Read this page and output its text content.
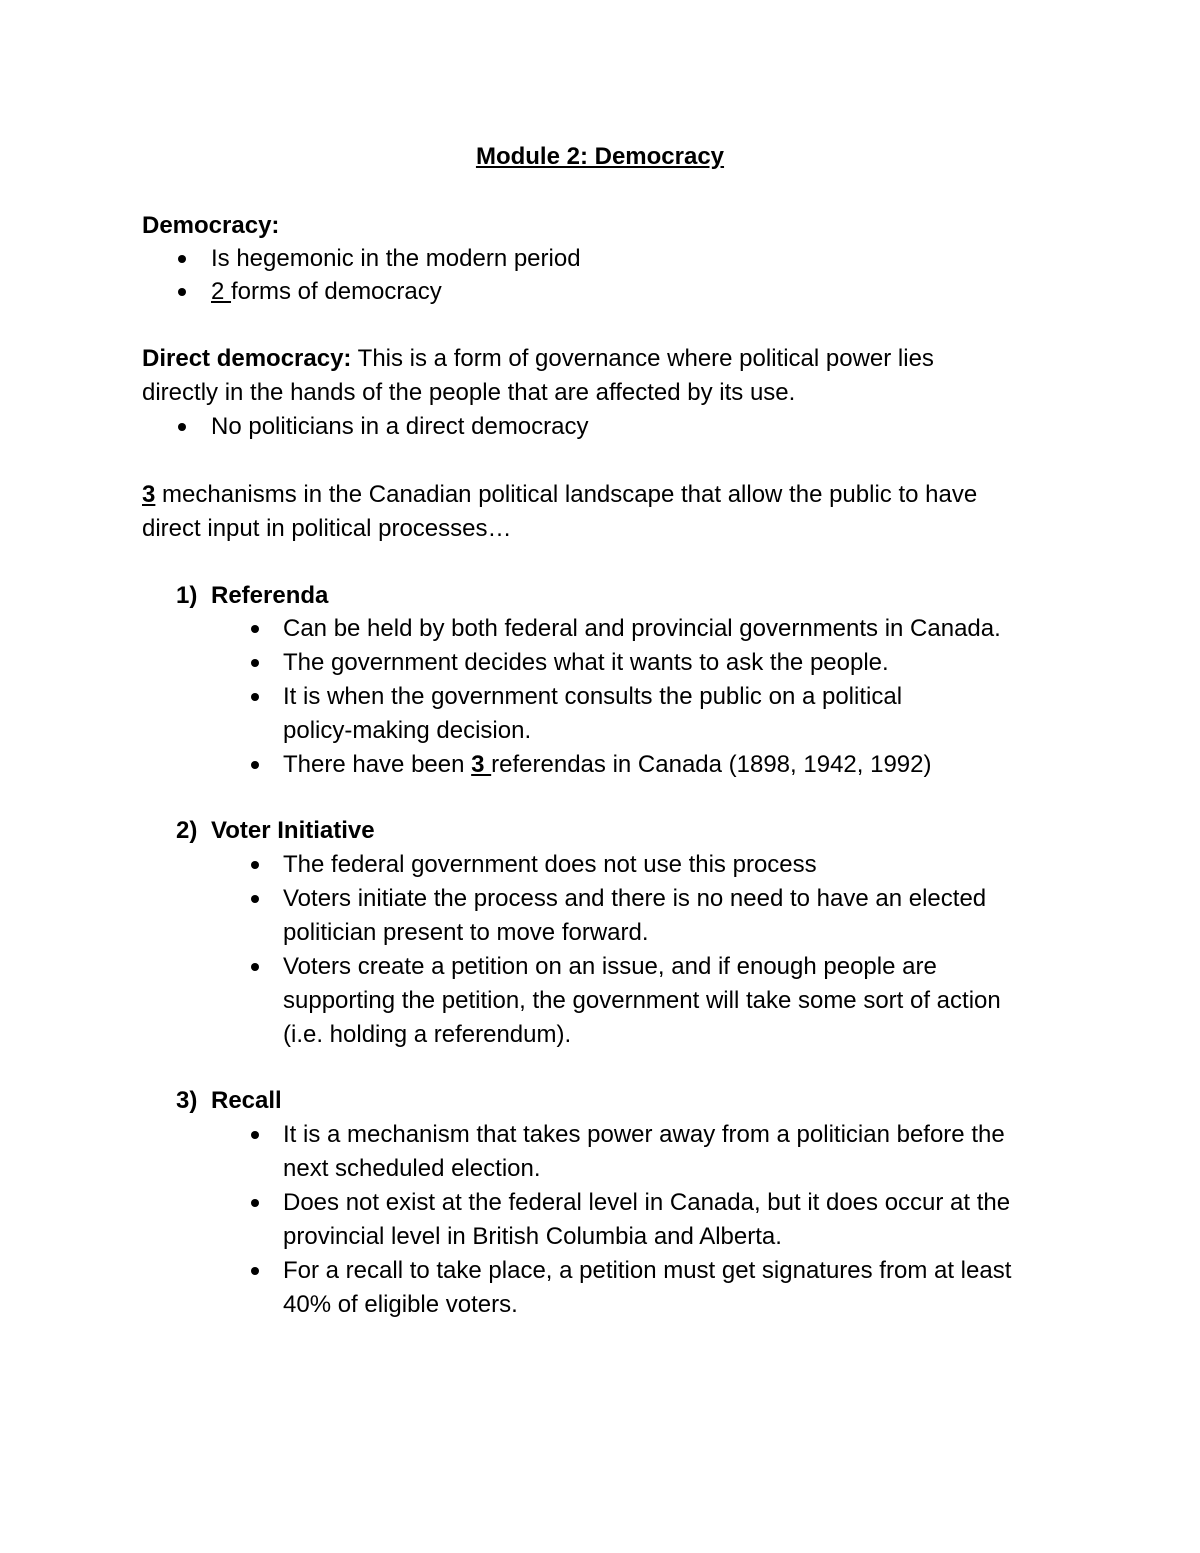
Module 2: Democracy
Democracy:
Is hegemonic in the modern period
2 forms of democracy
Direct democracy: This is a form of governance where political power lies
directly in the hands of the people that are affected by its use.
No politicians in a direct democracy
3 mechanisms in the Canadian political landscape that allow the public to have
direct input in political processes…
1) Referenda
Can be held by both federal and provincial governments in Canada.
The government decides what it wants to ask the people.
It is when the government consults the public on a political
policy-making decision.
There have been 3 referendas in Canada (1898, 1942, 1992)
2) Voter Initiative
The federal government does not use this process
Voters initiate the process and there is no need to have an elected
politician present to move forward.
Voters create a petition on an issue, and if enough people are
supporting the petition, the government will take some sort of action
(i.e. holding a referendum).
3) Recall
It is a mechanism that takes power away from a politician before the
next scheduled election.
Does not exist at the federal level in Canada, but it does occur at the
provincial level in British Columbia and Alberta.
For a recall to take place, a petition must get signatures from at least
40% of eligible voters.
